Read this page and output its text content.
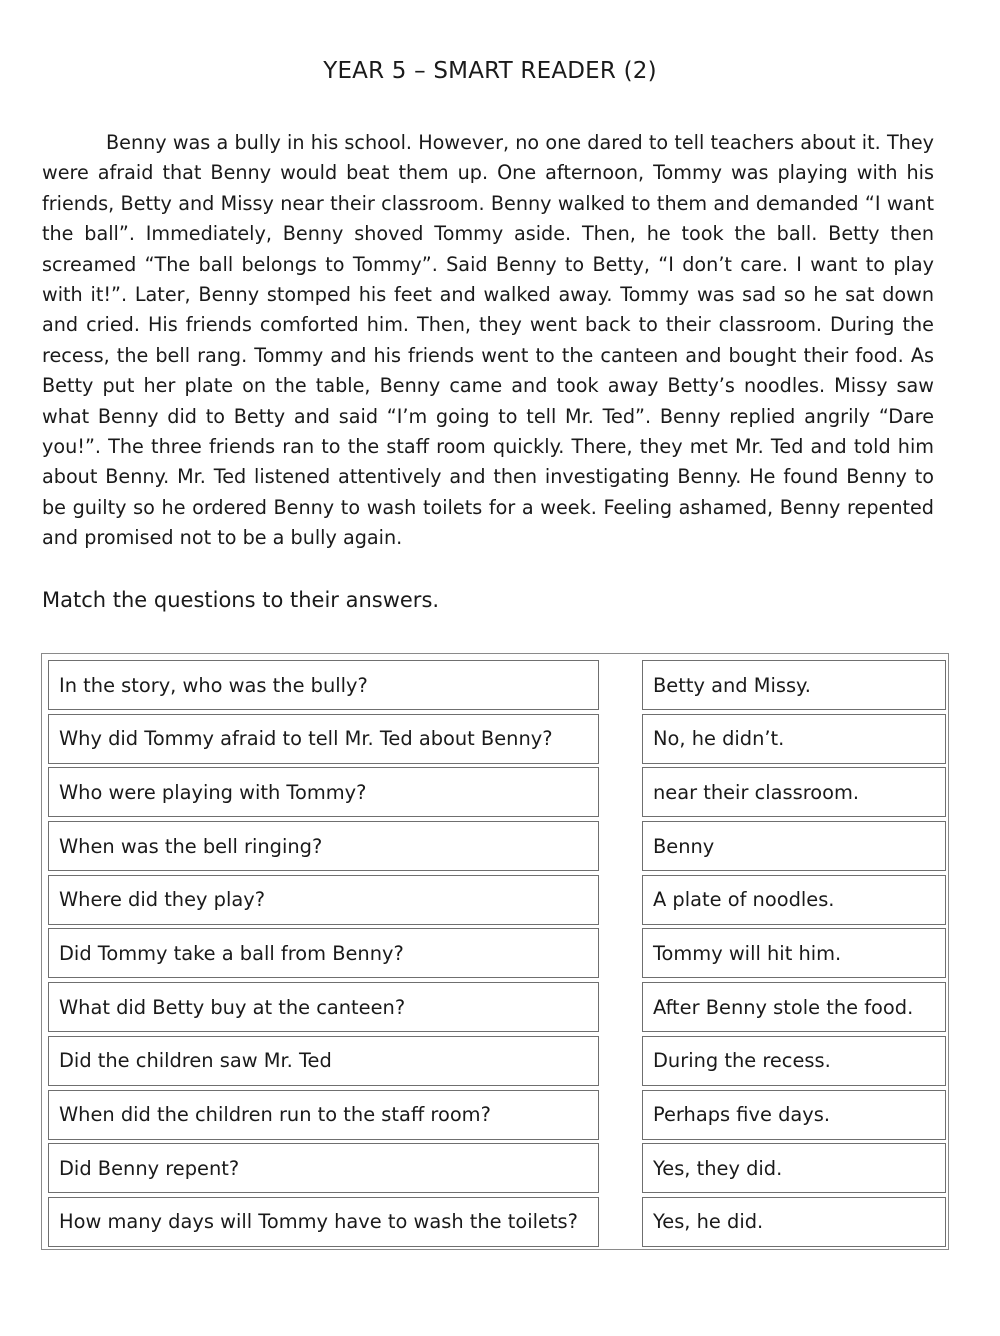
YEAR 5 – SMART READER (2)

Benny was a bully in his school. However, no one dared to tell teachers about it. They were afraid that Benny would beat them up. One afternoon, Tommy was playing with his friends, Betty and Missy near their classroom. Benny walked to them and demanded “I want the ball”. Immediately, Benny shoved Tommy aside. Then, he took the ball. Betty then screamed “The ball belongs to Tommy”. Said Benny to Betty, “I don’t care. I want to play with it!”. Later, Benny stomped his feet and walked away. Tommy was sad so he sat down and cried. His friends comforted him. Then, they went back to their classroom. During the recess, the bell rang. Tommy and his friends went to the canteen and bought their food. As Betty put her plate on the table, Benny came and took away Betty’s noodles. Missy saw what Benny did to Betty and said “I’m going to tell Mr. Ted”. Benny replied angrily “Dare you!”. The three friends ran to the staff room quickly. There, they met Mr. Ted and told him about Benny. Mr. Ted listened attentively and then investigating Benny. He found Benny to be guilty so he ordered Benny to wash toilets for a week. Feeling ashamed, Benny repented and promised not to be a bully again.

Match the questions to their answers.

In the story, who was the bully?
Why did Tommy afraid to tell Mr. Ted about Benny?
Who were playing with Tommy?
When was the bell ringing?
Where did they play?
Did Tommy take a ball from Benny?
What did Betty buy at the canteen?
Did the children saw Mr. Ted
When did the children run to the staff room?
Did Benny repent?
How many days will Tommy have to wash the toilets?
Betty and Missy.
No, he didn’t.
near their classroom.
Benny
A plate of noodles.
Tommy will hit him.
After Benny stole the food.
During the recess.
Perhaps five days.
Yes, they did.
Yes, he did.
